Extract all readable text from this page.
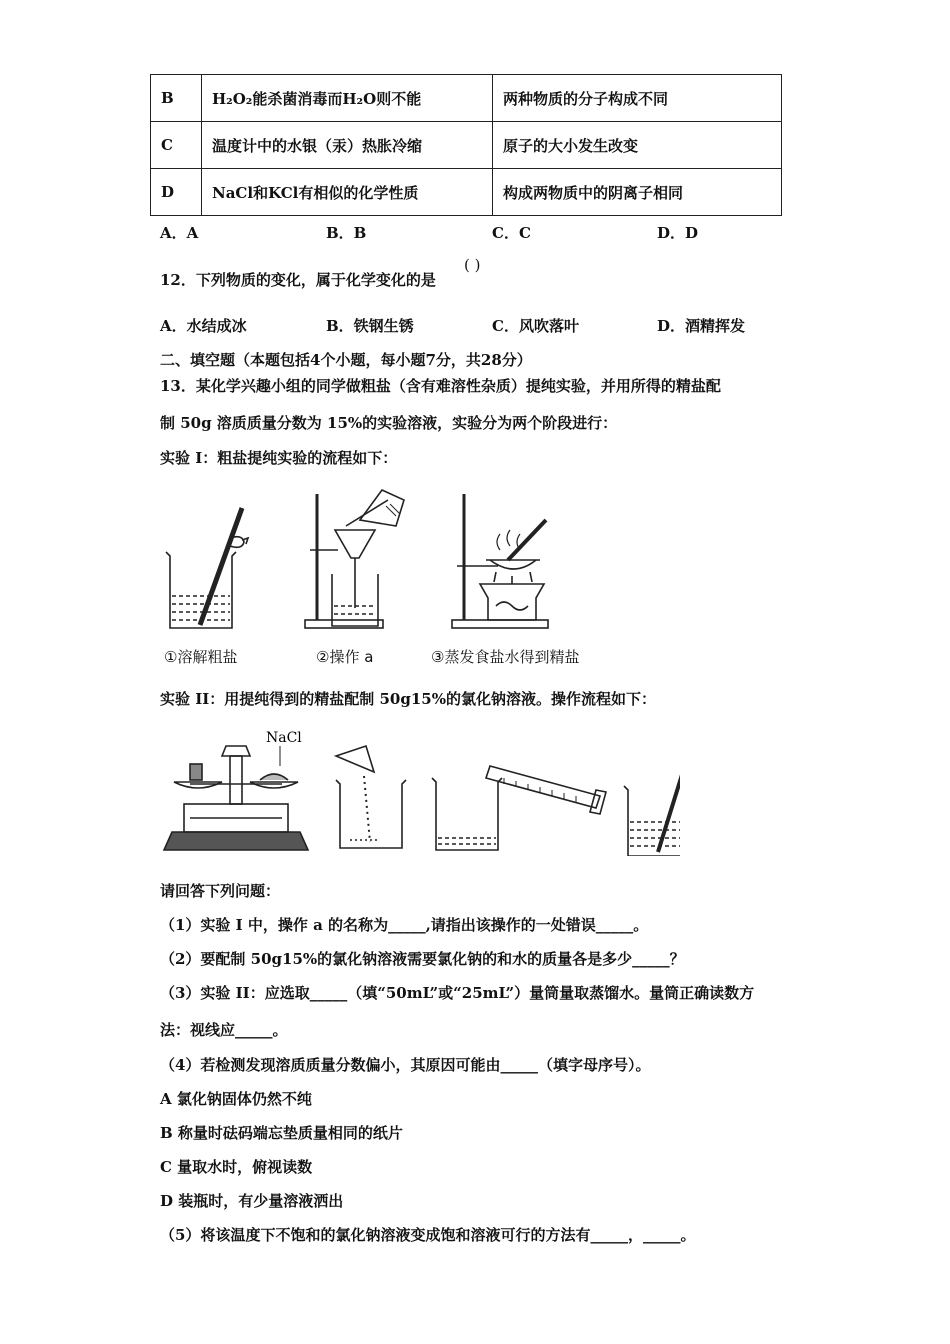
B	H₂O₂能杀菌消毒而H₂O则不能	两种物质的分子构成不同
C	温度计中的水银（汞）热胀冷缩	原子的大小发生改变
D	NaCl和KCl有相似的化学性质	构成两物质中的阴离子相同
A．A	B．B	C．C	D．D
12．下列物质的变化，属于化学变化的是
( )
A．水结成冰	B．铁钢生锈	C．风吹落叶	D．酒精挥发
二、填空题（本题包括4个小题，每小题7分，共28分）
13．某化学兴趣小组的同学做粗盐（含有难溶性杂质）提纯实验，并用所得的精盐配
制 50g 溶质质量分数为 15%的实验溶液，实验分为两个阶段进行：
实验 I：粗盐提纯实验的流程如下：
①溶解粗盐	②操作 a	③蒸发食盐水得到精盐
实验 II：用提纯得到的精盐配制 50g15%的氯化钠溶液。操作流程如下：
NaCl
请回答下列问题：
（1）实验 I 中，操作 a 的名称为_____,请指出该操作的一处错误_____。
（2）要配制 50g15%的氯化钠溶液需要氯化钠的和水的质量各是多少_____？
（3）实验 II：应选取_____（填“50mL”或“25mL”）量筒量取蒸馏水。量筒正确读数方
法：视线应_____。
（4）若检测发现溶质质量分数偏小，其原因可能由_____（填字母序号）。
A 氯化钠固体仍然不纯
B 称量时砝码端忘垫质量相同的纸片
C 量取水时，俯视读数
D 装瓶时，有少量溶液洒出
（5）将该温度下不饱和的氯化钠溶液变成饱和溶液可行的方法有_____，_____。
